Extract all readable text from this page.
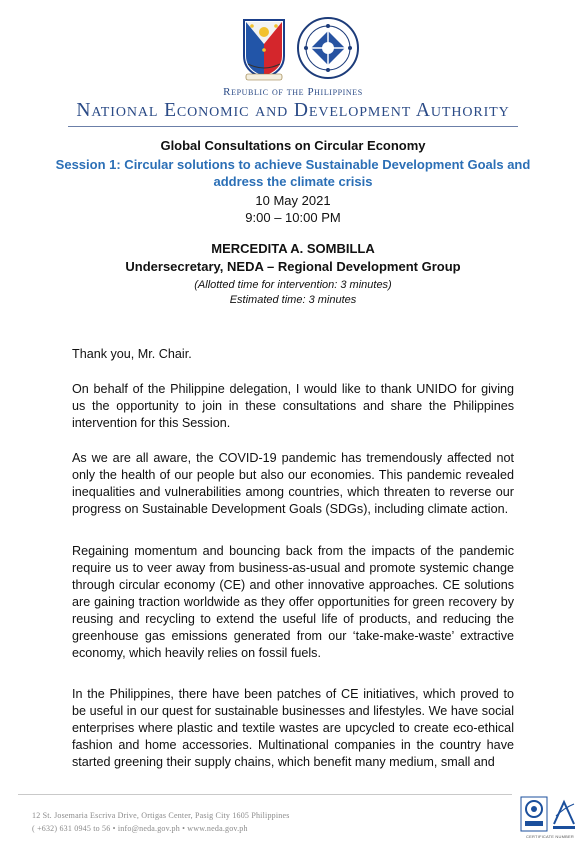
Republic of the Philippines
National Economic and Development Authority
Global Consultations on Circular Economy
Session 1: Circular solutions to achieve Sustainable Development Goals and address the climate crisis
10 May 2021
9:00 – 10:00 PM
MERCEDITA A. SOMBILLA
Undersecretary, NEDA – Regional Development Group
(Allotted time for intervention: 3 minutes)
Estimated time: 3 minutes
Thank you, Mr. Chair.
On behalf of the Philippine delegation, I would like to thank UNIDO for giving us the opportunity to join in these consultations and share the Philippines intervention for this Session.
As we are all aware, the COVID-19 pandemic has tremendously affected not only the health of our people but also our economies. This pandemic revealed inequalities and vulnerabilities among countries, which threaten to reverse our progress on Sustainable Development Goals (SDGs), including climate action.
Regaining momentum and bouncing back from the impacts of the pandemic require us to veer away from business-as-usual and promote systemic change through circular economy (CE) and other innovative approaches. CE solutions are gaining traction worldwide as they offer opportunities for green recovery by reusing and recycling to extend the useful life of products, and reducing the greenhouse gas emissions generated from our ‘take-make-waste’ extractive economy, which heavily relies on fossil fuels.
In the Philippines, there have been patches of CE initiatives, which proved to be useful in our quest for sustainable businesses and lifestyles. We have social enterprises where plastic and textile wastes are upcycled to create eco-ethical fashion and home accessories. Multinational companies in the country have started greening their supply chains, which benefit many medium, small and
12 St. Josemaria Escriva Drive, Ortigas Center, Pasig City 1605 Philippines
( +632) 631 0945 to 56 • info@neda.gov.ph • www.neda.gov.ph
CERTIFICATE NUMBER
